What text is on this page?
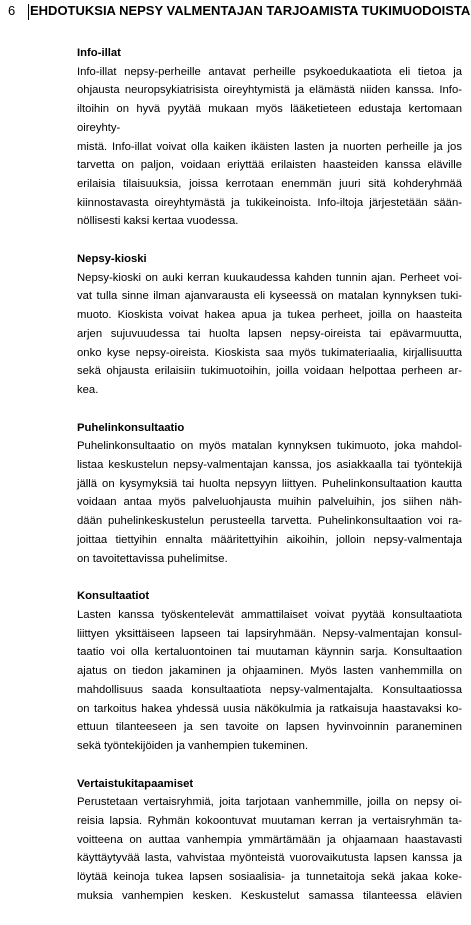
6 EHDOTUKSIA NEPSY VALMENTAJAN TARJOAMISTA TUKIMUODOISTA
Info-illat
Info-illat nepsy-perheille antavat perheille psykoedukaatiota eli tietoa ja
ohjausta neuropsykiatrisista oireyhtymistä ja elämästä niiden kanssa. Info-
iltoihin on hyvä pyytää mukaan myös lääketieteen edustaja kertomaan oireyhty-
mistä. Info-illat voivat olla kaiken ikäisten lasten ja nuorten perheille ja jos
tarvetta on paljon, voidaan eriyttää erilaisten haasteiden kanssa eläville
erilaisia tilaisuuksia, joissa kerrotaan enemmän juuri sitä kohderyhmää
kiinnostavasta oireyhtymästä ja tukikeinoista. Info-iltoja järjestetään sään-
nöllisesti kaksi kertaa vuodessa.
Nepsy-kioski
Nepsy-kioski on auki kerran kuukaudessa kahden tunnin ajan. Perheet voi-
vat tulla sinne ilman ajanvarausta eli kyseessä on matalan kynnyksen tuki-
muoto. Kioskista voivat hakea apua ja tukea perheet, joilla on haasteita
arjen sujuvuudessa tai huolta lapsen nepsy-oireista tai epävarmuutta,
onko kyse nepsy-oireista. Kioskista saa myös tukimateriaalia, kirjallisuutta
sekä ohjausta erilaisiin tukimuotoihin, joilla voidaan helpottaa perheen ar-
kea.
Puhelinkonsultaatio
Puhelinkonsultaatio on myös matalan kynnyksen tukimuoto, joka mahdol-
listaa keskustelun nepsy-valmentajan kanssa, jos asiakkaalla tai työntekijä
jällä on kysymyksiä tai huolta nepsyyn liittyen. Puhelinkonsultaation kautta
voidaan antaa myös palveluohjausta muihin palveluihin, jos siihen näh-
dään puhelinkeskustelun perusteella tarvetta. Puhelinkonsultaation voi ra-
joittaa tiettyihin ennalta määritettyihin aikoihin, jolloin nepsy-valmentaja
on tavoitettavissa puhelimitse.
Konsultaatiot
Lasten kanssa työskentelevät ammattilaiset voivat pyytää konsultaatiota
liittyen yksittäiseen lapseen tai lapsiryhmään. Nepsy-valmentajan konsul-
taatio voi olla kertaluontoinen tai muutaman käynnin sarja. Konsultaation
ajatus on tiedon jakaminen ja ohjaaminen. Myös lasten vanhemmilla on
mahdollisuus saada konsultaatiota nepsy-valmentajalta. Konsultaatiossa
on tarkoitus hakea yhdessä uusia näkökulmia ja ratkaisuja haastavaksi ko-
ettuun tilanteeseen ja sen tavoite on lapsen hyvinvoinnin paraneminen
sekä työntekijöiden ja vanhempien tukeminen.
Vertaistukitapaamiset
Perustetaan vertaisryhmiä, joita tarjotaan vanhemmille, joilla on nepsy oi-
reisia lapsia. Ryhmän kokoontuvat muutaman kerran ja vertaisryhmän ta-
voitteena on auttaa vanhempia ymmärtämään ja ohjaamaan haastavasti
käyttäytyvää lasta, vahvistaa myönteistä vuorovaikutusta lapsen kanssa ja
löytää keinoja tukea lapsen sosiaalisia- ja tunnetaitoja sekä jakaa koke-
muksia vanhempien kesken. Keskustelut samassa tilanteessa elävien
